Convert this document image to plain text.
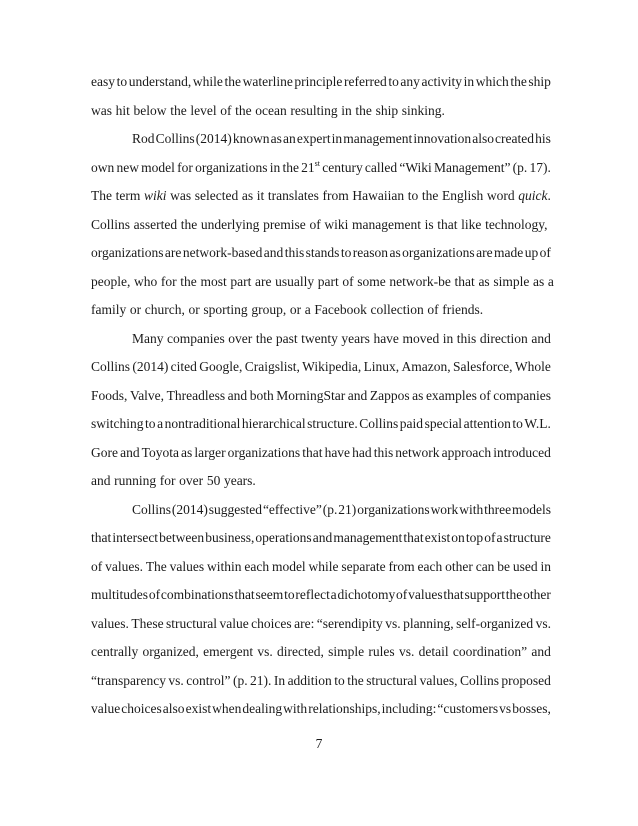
easy to understand, while the waterline principle referred to any activity in which the ship
was hit below the level of the ocean resulting in the ship sinking.
Rod Collins (2014) known as an expert in management innovation also created his
own new model for organizations in the 21st century called “Wiki Management” (p. 17).
The term wiki was selected as it translates from Hawaiian to the English word quick.
Collins asserted the underlying premise of wiki management is that like technology,
organizations are network-based and this stands to reason as organizations are made up of
people, who for the most part are usually part of some network-be that as simple as a
family or church, or sporting group, or a Facebook collection of friends.
Many companies over the past twenty years have moved in this direction and
Collins (2014) cited Google, Craigslist, Wikipedia, Linux, Amazon, Salesforce, Whole
Foods, Valve, Threadless and both MorningStar and Zappos as examples of companies
switching to a nontraditional hierarchical structure. Collins paid special attention to W.L.
Gore and Toyota as larger organizations that have had this network approach introduced
and running for over 50 years.
Collins (2014) suggested “effective” (p. 21) organizations work with three models
that intersect between business, operations and management that exist on top of a structure
of values. The values within each model while separate from each other can be used in
multitudes of combinations that seem to reflect a dichotomy of values that support the other
values. These structural value choices are: “serendipity vs. planning, self-organized vs.
centrally organized, emergent vs. directed, simple rules vs. detail coordination” and
“transparency vs. control” (p. 21). In addition to the structural values, Collins proposed
value choices also exist when dealing with relationships, including: “customers vs bosses,
7
